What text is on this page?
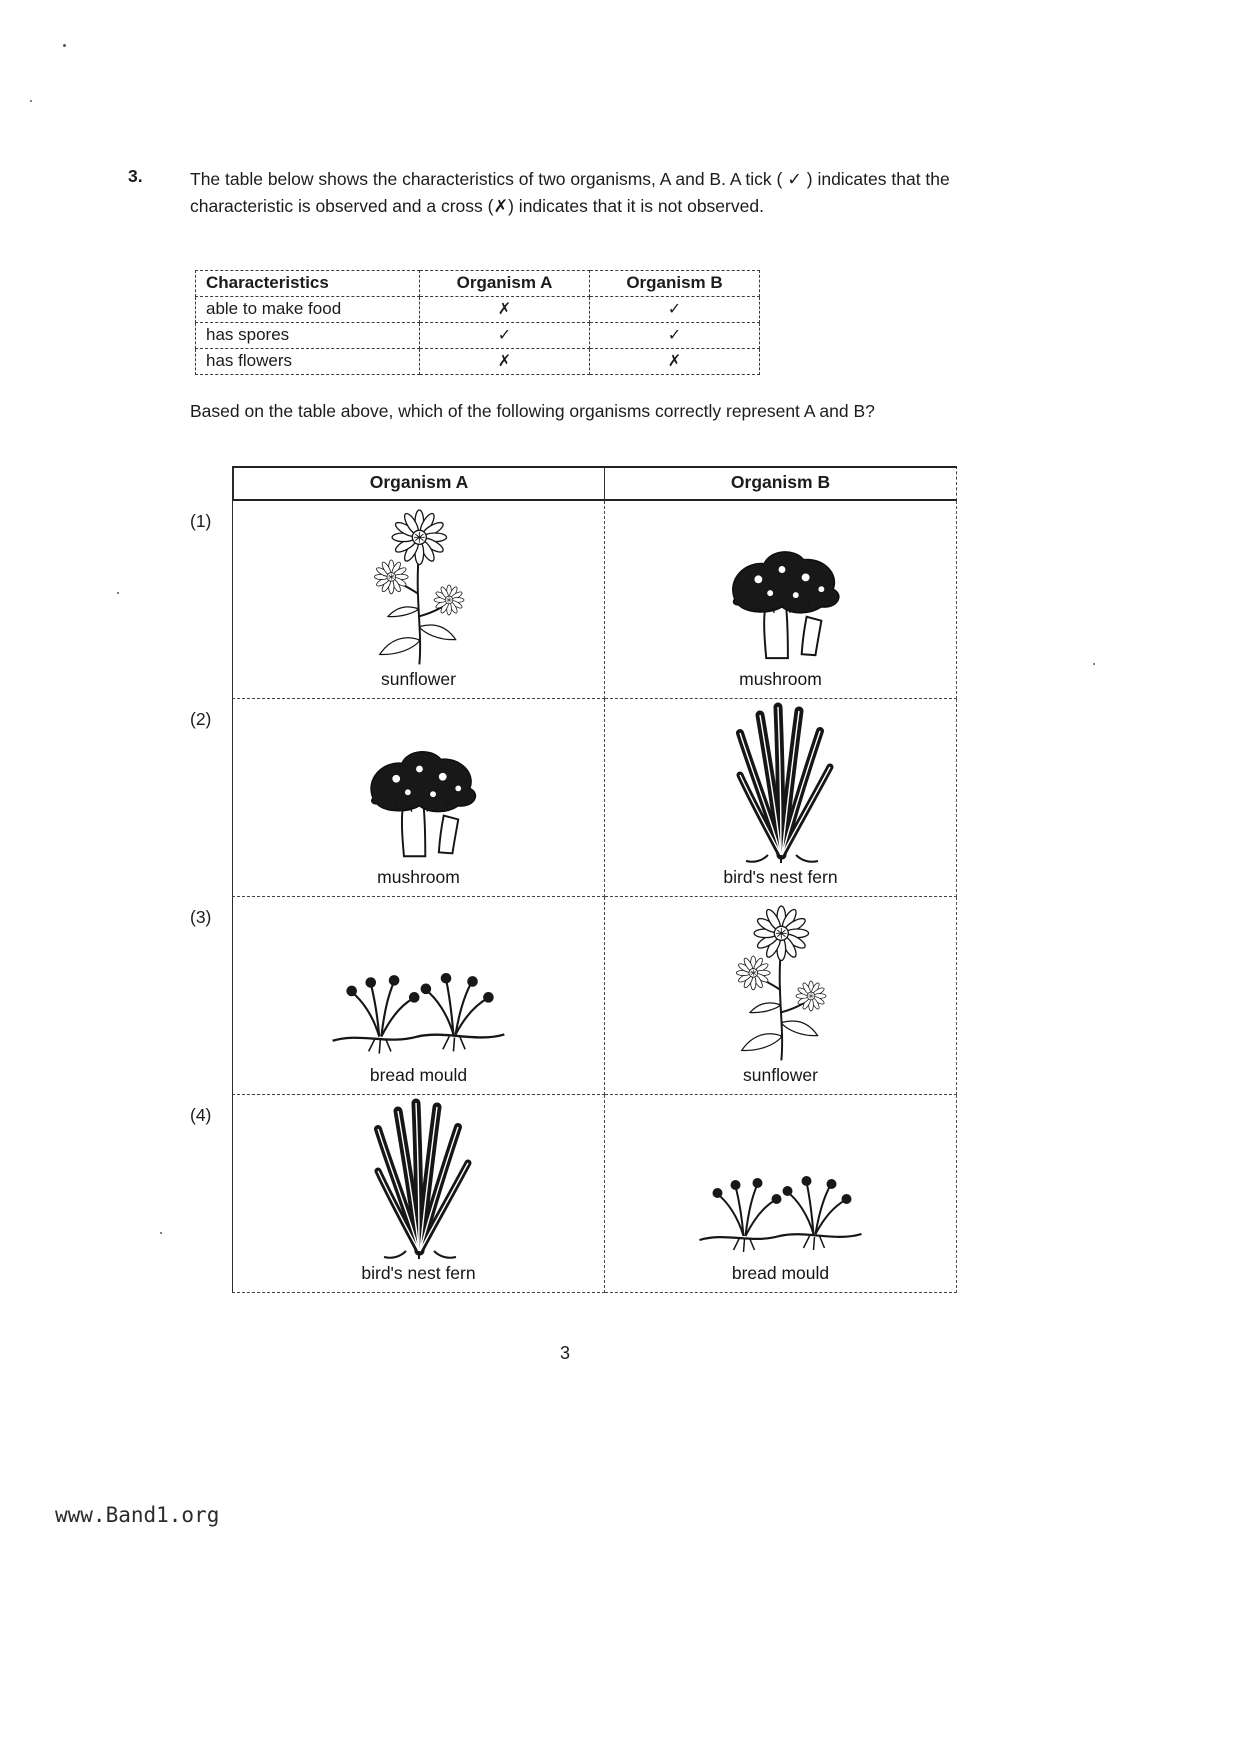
3.	The table below shows the characteristics of two organisms, A and B. A tick ( ✓ ) indicates that the characteristic is observed and a cross (✗) indicates that it is not observed.
Characteristics	Organism A	Organism B
able to make food	✗	✓
has spores	✓	✓
has flowers	✗	✗
Based on the table above, which of the following organisms correctly represent A and B?
Organism A	Organism B
(1)
sunflower	mushroom
(2)
mushroom	bird's nest fern
(3)
bread mould	sunflower
(4)
bird's nest fern	bread mould
3
www.Band1.org
